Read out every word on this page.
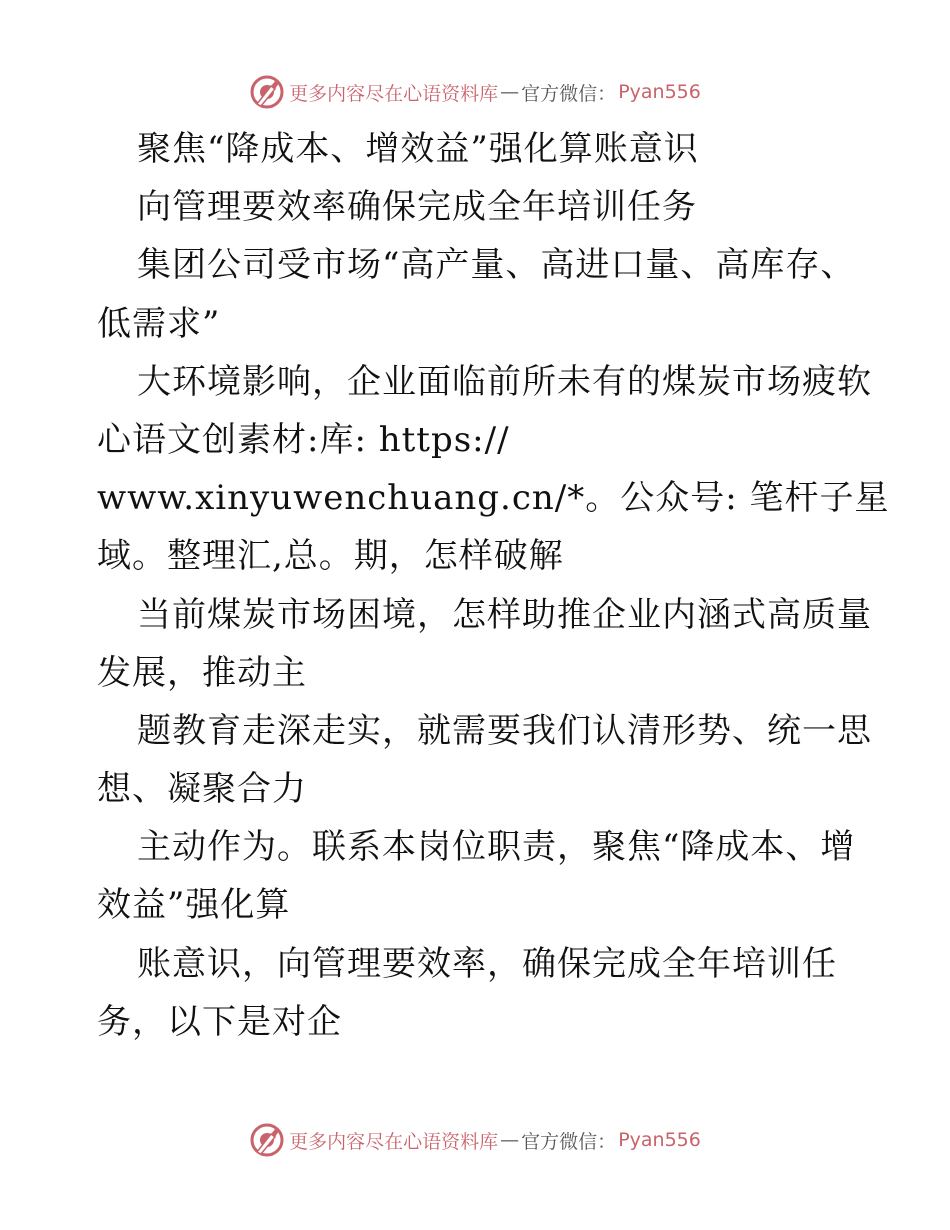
更多内容尽在心语资料库 — 官方微信： Pyan556
聚焦“降成本、增效益”强化算账意识
向管理要效率确保完成全年培训任务
集团公司受市场“高产量、高进口量、高库存、
低需求”
大环境影响，企业面临前所未有的煤炭市场疲软
心语文创素材:库: https://
www.xinyuwenchuang.cn/*。公众号: 笔杆子星
域。整理汇,总。期，怎样破解
当前煤炭市场困境，怎样助推企业内涵式高质量
发展，推动主
题教育走深走实，就需要我们认清形势、统一思
想、凝聚合力
主动作为。联系本岗位职责，聚焦“降成本、增
效益”强化算
账意识，向管理要效率，确保完成全年培训任
务，以下是对企
更多内容尽在心语资料库 — 官方微信： Pyan556
